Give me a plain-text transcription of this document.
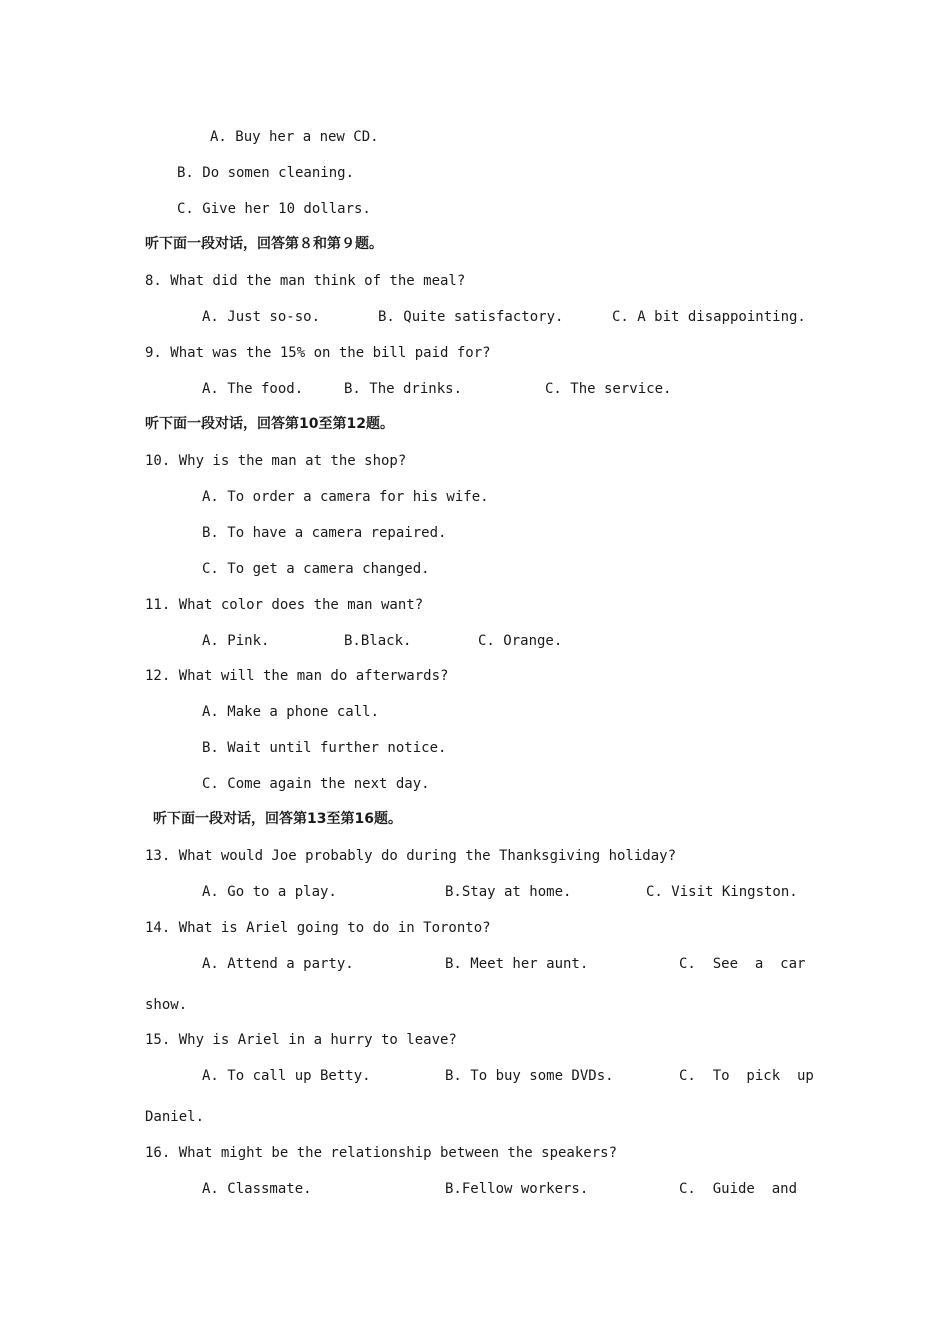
A. Buy her a new CD.
B. Do somen cleaning.
C. Give her 10 dollars.
听下面一段对话，回答第８和第９题。
8. What did the man think of the meal?
A. Just so-so.	B. Quite satisfactory.	C. A bit disappointing.
9. What was the 15% on the bill paid for?
A. The food.	B. The drinks.	C. The service.
听下面一段对话，回答第10至第12题。
10. Why is the man at the shop?
A. To order a camera for his wife.
B. To have a camera repaired.
C. To get a camera changed.
11. What color does the man want?
A. Pink.	B.Black.	C. Orange.
12. What will the man do afterwards?
A. Make a phone call.
B. Wait until further notice.
C. Come again the next day.
听下面一段对话，回答第13至第16题。
13. What would Joe probably do during the Thanksgiving holiday?
A. Go to a play.	B.Stay at home.	C. Visit Kingston.
14. What is Ariel going to do in Toronto?
A. Attend a party.	B. Meet her aunt.	C.  See  a  car
show.
15. Why is Ariel in a hurry to leave?
A. To call up Betty.	B. To buy some DVDs.	C.  To  pick  up
Daniel.
16. What might be the relationship between the speakers?
A. Classmate.	B.Fellow workers.	C.  Guide  and
